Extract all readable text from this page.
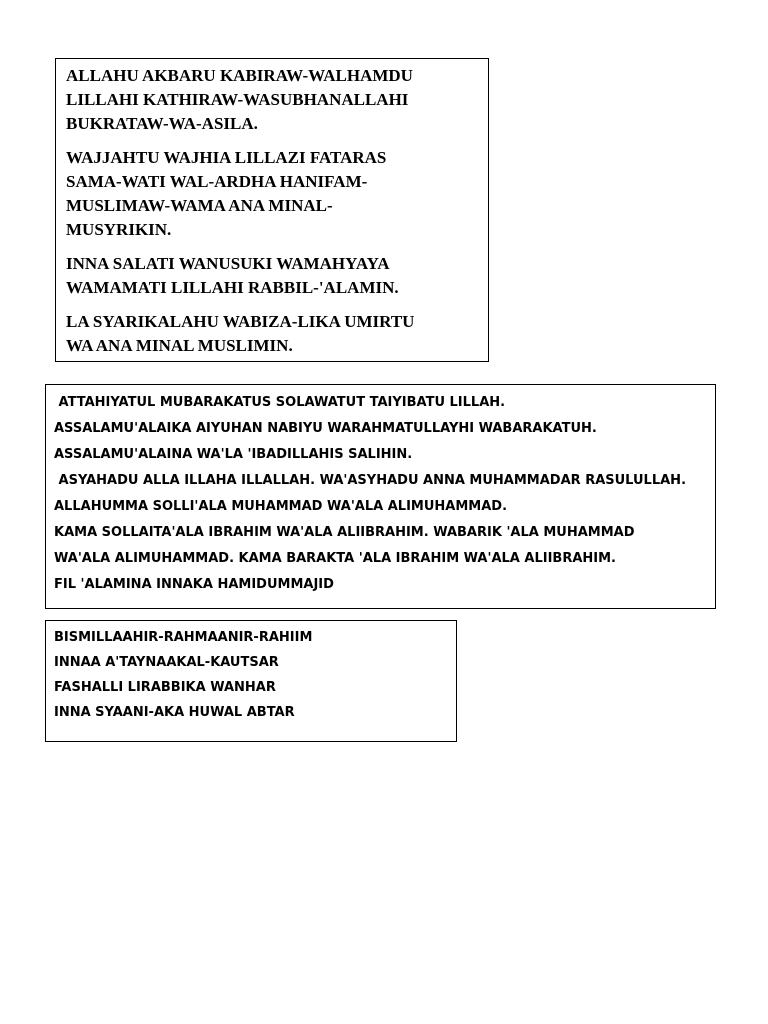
ALLAHU AKBARU KABIRAW-WALHAMDU
LILLAHI KATHIRAW-WASUBHANALLAHI
BUKRATAW-WA-ASILA.

WAJJAHTU WAJHIA LILLAZI FATARAS
SAMA-WATI WAL-ARDHA HANIFAM-
MUSLIMAW-WAMA ANA MINAL-
MUSYRIKIN.

INNA SALATI WANUSUKI WAMAHYAYA
WAMAMATI LILLAHI RABBIL-'ALAMIN.

LA SYARIKALAHU WABIZA-LIKA UMIRTU
WA ANA MINAL MUSLIMIN.

ATTAHIYATUL MUBARAKATUS SOLAWATUT TAIYIBATU LILLAH.
ASSALAMU'ALAIKA AIYUHAN NABIYU WARAHMATULLAYHI WABARAKATUH.
ASSALAMU'ALAINA WA'LA 'IBADILLAHIS SALIHIN.
ASYAHADU ALLA ILLAHA ILLALLAH. WA'ASYHADU ANNA MUHAMMADAR RASULULLAH.
ALLAHUMMA SOLLI'ALA MUHAMMAD WA'ALA ALIMUHAMMAD.
KAMA SOLLAITA'ALA IBRAHIM WA'ALA ALIIBRAHIM. WABARIK 'ALA MUHAMMAD
WA'ALA ALIMUHAMMAD. KAMA BARAKTA 'ALA IBRAHIM WA'ALA ALIIBRAHIM.
FIL 'ALAMINA INNAKA HAMIDUMMAJID
BISMILLAAHIR-RAHMAANIR-RAHIIM
INNAA A'TAYNAAKAL-KAUTSAR
FASHALLI LIRABBIKA WANHAR
INNA SYAANI-AKA HUWAL ABTAR
